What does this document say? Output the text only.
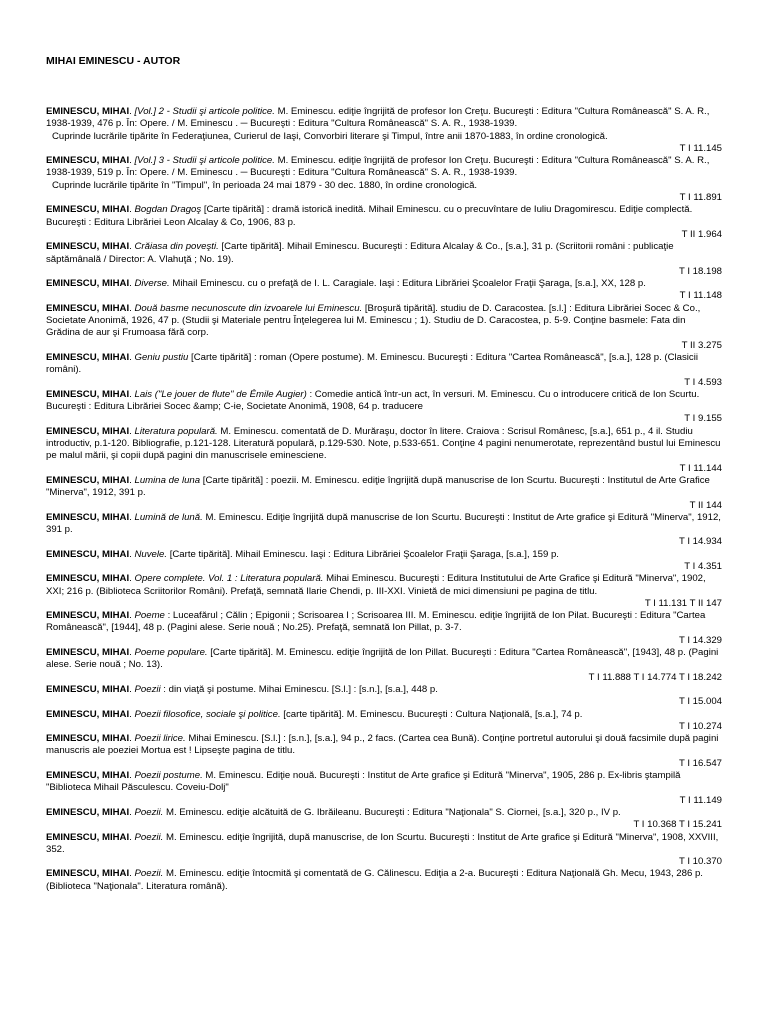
MIHAI EMINESCU - AUTOR

EMINESCU, MIHAI. [Vol.] 2 - Studii şi articole politice. M. Eminescu. ediţie îngrijită de profesor Ion Creţu. Bucureşti : Editura "Cultura Românească" S. A. R., 1938-1939, 476 p. În: Opere. / M. Eminescu . ─ Bucureşti : Editura "Cultura Românească" S. A. R., 1938-1939.

Cuprinde lucrările tipărite în Federaţiunea, Curierul de Iaşi, Convorbiri literare şi Timpul, între anii 1870-1883, în ordine cronologică.

T I 11.145

EMINESCU, MIHAI. [Vol.] 3 - Studii şi articole politice. M. Eminescu. ediţie îngrijită de profesor Ion Creţu. Bucureşti : Editura "Cultura Românească" S. A. R., 1938-1939, 519 p. În: Opere. / M. Eminescu . ─ Bucureşti : Editura "Cultura Românească" S. A. R., 1938-1939.

Cuprinde lucrările tipărite în "Timpul", în perioada 24 mai 1879 - 30 dec. 1880, în ordine cronologică.

T I 11.891

EMINESCU, MIHAI. Bogdan Dragoş [Carte tipărită] : dramă istorică inedită. Mihail Eminescu. cu o precuvîntare de Iuliu Dragomirescu. Ediţie complectă. Bucureşti : Editura Librăriei Leon Alcalay & Co, 1906, 83 p.

T II 1.964

EMINESCU, MIHAI. Crăiasa din poveşti. [Carte tipărită]. Mihail Eminescu. Bucureşti : Editura Alcalay & Co., [s.a.], 31 p. (Scriitorii români : publicaţie săptămânală / Director: A. Vlahuţă ; No. 19).

T I 18.198

EMINESCU, MIHAI. Diverse. Mihail Eminescu. cu o prefaţă de I. L. Caragiale. Iaşi : Editura Librăriei Şcoalelor Fraţii Şaraga, [s.a.], XX, 128 p.

T I 11.148

EMINESCU, MIHAI. Două basme necunoscute din izvoarele lui Eminescu. [Broşură tipărită]. studiu de D. Caracostea. [s.l.] : Editura Librăriei Socec & Co., Societate Anonimă, 1926, 47 p. (Studii şi Materiale pentru Înţelegerea lui M. Eminescu ; 1). Studiu de D. Caracostea, p. 5-9. Conţine basmele: Fata din Grădina de aur şi Frumoasa fără corp.

T II 3.275

EMINESCU, MIHAI. Geniu pustiu [Carte tipărită] : roman (Opere postume). M. Eminescu. Bucureşti : Editura "Cartea Românească", [s.a.], 128 p. (Clasicii români).

T I 4.593

EMINESCU, MIHAI. Lais ("Le jouer de flute" de Émile Augier) : Comedie antică într-un act, în versuri. M. Eminescu. Cu o introducere critică de Ion Scurtu. Bucureşti : Editura Librăriei Socec &amp; C-ie, Societate Anonimă, 1908, 64 p. traducere

T I 9.155

EMINESCU, MIHAI. Literatura populară. M. Eminescu. comentată de D. Murăraşu, doctor în litere. Craiova : Scrisul Românesc, [s.a.], 651 p., 4 il. Studiu introductiv, p.1-120. Bibliografie, p.121-128. Literatură populară, p.129-530. Note, p.533-651. Conţine 4 pagini nenumerotate, reprezentând bustul lui Eminescu pe malul mării, şi copii după pagini din manuscrisele eminesciene.

T I 11.144

EMINESCU, MIHAI. Lumina de luna [Carte tipărită] : poezii. M. Eminescu. ediţie îngrijită după manuscrise de Ion Scurtu. Bucureşti : Institutul de Arte Grafice "Minerva", 1912, 391 p.

T II 144

EMINESCU, MIHAI. Lumină de lună. M. Eminescu. Ediţie îngrijită după manuscrise de Ion Scurtu. Bucureşti : Institut de Arte grafice şi Editură "Minerva", 1912, 391 p.

T I 14.934

EMINESCU, MIHAI. Nuvele. [Carte tipărită]. Mihail Eminescu. Iaşi : Editura Librăriei Şcoalelor Fraţii Şaraga, [s.a.], 159 p.

T I 4.351

EMINESCU, MIHAI. Opere complete. Vol. 1 : Literatura populară. Mihai Eminescu. Bucureşti : Editura Institutului de Arte Grafice şi Editură "Minerva", 1902, XXI; 216 p. (Biblioteca Scriitorilor Români). Prefaţă, semnată Ilarie Chendi, p. III-XXI. Vinietă de mici dimensiuni pe pagina de titlu.

T I 11.131 T II 147

EMINESCU, MIHAI. Poeme : Luceafărul ; Călin ; Epigonii ; Scrisoarea I ; Scrisoarea III. M. Eminescu. ediţie îngrijită de Ion Pilat. Bucureşti : Editura "Cartea Românească", [1944], 48 p. (Pagini alese. Serie nouă ; No.25). Prefaţă, semnată Ion Pillat, p. 3-7.

T I 14.329

EMINESCU, MIHAI. Poeme populare. [Carte tipărită]. M. Eminescu. ediţie îngrijită de Ion Pillat. Bucureşti : Editura "Cartea Românească", [1943], 48 p. (Pagini alese. Serie nouă ; No. 13).

T I 11.888 T I 14.774 T I 18.242

EMINESCU, MIHAI. Poezii : din viaţă şi postume. Mihai Eminescu. [S.l.] : [s.n.], [s.a.], 448 p.

T I 15.004

EMINESCU, MIHAI. Poezii filosofice, sociale şi politice. [carte tipărită]. M. Eminescu. Bucureşti : Cultura Naţională, [s.a.], 74 p.

T I 10.274

EMINESCU, MIHAI. Poezii lirice. Mihai Eminescu. [S.l.] : [s.n.], [s.a.], 94 p., 2 facs. (Cartea cea Bună). Conţine portretul autorului şi două facsimile după pagini manuscris ale poeziei Mortua est ! Lipseşte pagina de titlu.

T I 16.547

EMINESCU, MIHAI. Poezii postume. M. Eminescu. Ediţie nouă. Bucureşti : Institut de Arte grafice şi Editură "Minerva", 1905, 286 p. Ex-libris ştampilă "Biblioteca Mihail Păsculescu. Coveiu-Dolj"

T I 11.149

EMINESCU, MIHAI. Poezii. M. Eminescu. ediţie alcătuită de G. Ibrăileanu. Bucureşti : Editura "Naţionala" S. Ciornei, [s.a.], 320 p., IV p.

T I 10.368 T I 15.241

EMINESCU, MIHAI. Poezii. M. Eminescu. ediţie îngrijită, după manuscrise, de Ion Scurtu. Bucureşti : Institut de Arte grafice şi Editură "Minerva", 1908, XXVIII, 352.

T I 10.370

EMINESCU, MIHAI. Poezii. M. Eminescu. ediţie întocmită şi comentată de G. Călinescu. Ediţia a 2-a. Bucureşti : Editura Naţională Gh. Mecu, 1943, 286 p. (Biblioteca "Naţionala". Literatura română).
